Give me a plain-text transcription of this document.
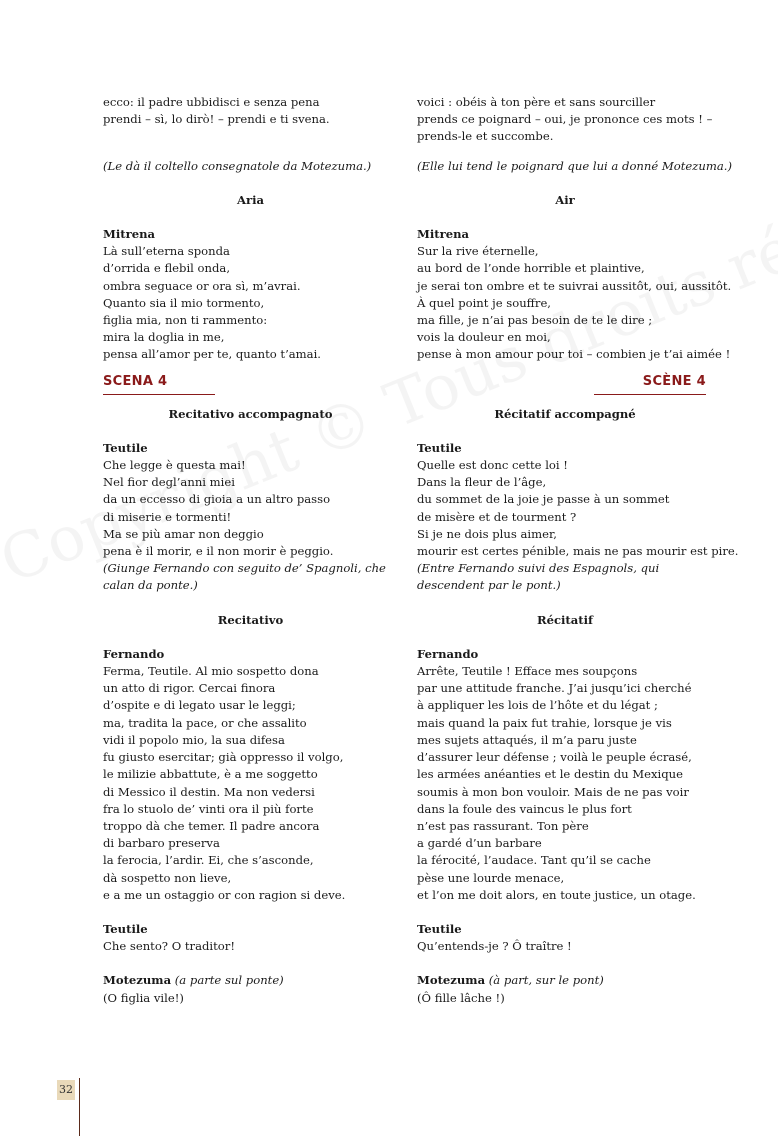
ecco: il padre ubbidisci e senza pena
prendi – sì, lo dirò! – prendi e ti svena.

(Le dà il coltello consegnatole da Motezuma.)
Aria
Mitrena
Là sull’eterna sponda
d’orrida e flebil onda,
ombra seguace or ora sì, m’avrai.
Quanto sia il mio tormento,
figlia mia, non ti rammento:
mira la doglia in me,
pensa all’amor per te, quanto t’amai.
SCENA 4
Recitativo accompagnato
Teutile
Che legge è questa mai!
Nel fior degl’anni miei
da un eccesso di gioia a un altro passo
di miserie e tormenti!
Ma se più amar non deggio
pena è il morir, e il non morir è peggio.
(Giunge Fernando con seguito de’ Spagnoli, che calan da ponte.)
Recitativo
Fernando
Ferma, Teutile. Al mio sospetto dona
un atto di rigor. Cercai finora
d’ospite e di legato usar le leggi;
ma, tradita la pace, or che assalito
vidi il popolo mio, la sua difesa
fu giusto esercitar; già oppresso il volgo,
le milizie abbattute, è a me soggetto
di Messico il destin. Ma non vedersi
fra lo stuolo de’ vinti ora il più forte
troppo dà che temer. Il padre ancora
di barbaro preserva
la ferocia, l’ardir. Ei, che s’asconde,
dà sospetto non lieve,
e a me un ostaggio or con ragion si deve.
Teutile
Che sento? O traditor!
Motezuma (a parte sul ponte)
(O figlia vile!)
voici : obéis à ton père et sans sourciller
prends ce poignard – oui, je prononce ces mots ! –
prends-le et succombe.
(Elle lui tend le poignard que lui a donné Motezuma.)
Air
Mitrena
Sur la rive éternelle,
au bord de l’onde horrible et plaintive,
je serai ton ombre et te suivrai aussitôt, oui, aussitôt.
À quel point je souffre,
ma fille, je n’ai pas besoin de te le dire ;
vois la douleur en moi,
pense à mon amour pour toi – combien je t’ai aimée !
SCÈNE 4
Récitatif accompagné
Teutile
Quelle est donc cette loi !
Dans la fleur de l’âge,
du sommet de la joie je passe à un sommet
de misère et de tourment ?
Si je ne dois plus aimer,
mourir est certes pénible, mais ne pas mourir est pire.
(Entre Fernando suivi des Espagnols, qui descendent par le pont.)
Récitatif
Fernando
Arrête, Teutile ! Efface mes soupçons
par une attitude franche. J’ai jusqu’ici cherché
à appliquer les lois de l’hôte et du légat ;
mais quand la paix fut trahie, lorsque je vis
mes sujets attaqués, il m’a paru juste
d’assurer leur défense ; voilà le peuple écrasé,
les armées anéanties et le destin du Mexique
soumis à mon bon vouloir. Mais de ne pas voir
dans la foule des vaincus le plus fort
n’est pas rassurant. Ton père
a gardé d’un barbare
la férocité, l’audace. Tant qu’il se cache
pèse une lourde menace,
et l’on me doit alors, en toute justice, un otage.
Teutile
Qu’entends-je ? Ô traître !
Motezuma (à part, sur le pont)
(Ô fille lâche !)
32
